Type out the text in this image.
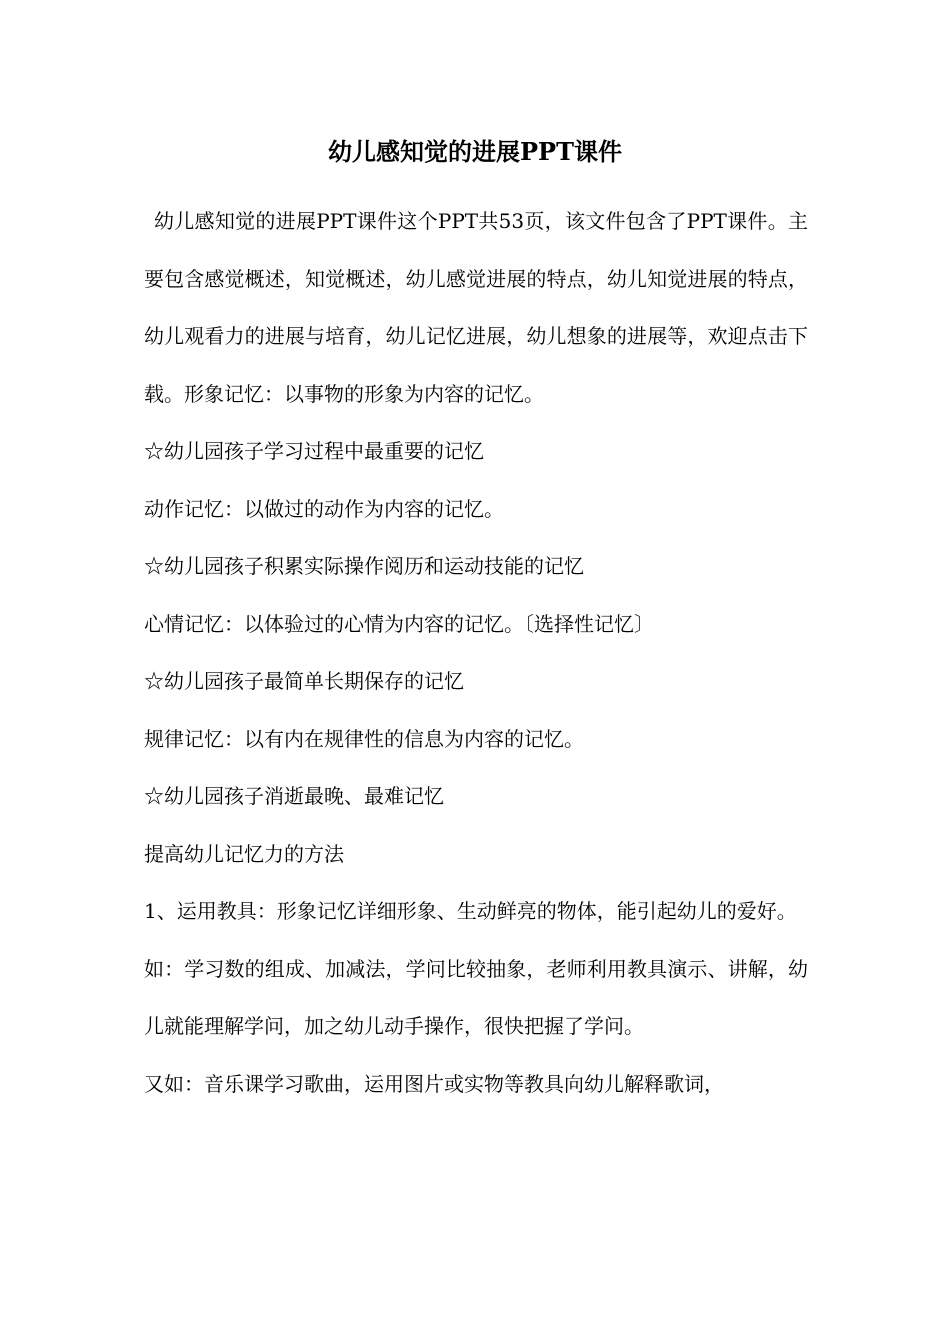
幼儿感知觉的进展PPT课件

幼儿感知觉的进展PPT课件这个PPT共53页，该文件包含了PPT课件。主要包含感觉概述，知觉概述，幼儿感觉进展的特点，幼儿知觉进展的特点，幼儿观看力的进展与培育，幼儿记忆进展，幼儿想象的进展等，欢迎点击下载。形象记忆：以事物的形象为内容的记忆。

☆幼儿园孩子学习过程中最重要的记忆

动作记忆：以做过的动作为内容的记忆。

☆幼儿园孩子积累实际操作阅历和运动技能的记忆

心情记忆：以体验过的心情为内容的记忆。〔选择性记忆〕

☆幼儿园孩子最简单长期保存的记忆

规律记忆：以有内在规律性的信息为内容的记忆。

☆幼儿园孩子消逝最晚、最难记忆

提高幼儿记忆力的方法

1、运用教具：形象记忆详细形象、生动鲜亮的物体，能引起幼儿的爱好。

如：学习数的组成、加减法，学问比较抽象，老师利用教具演示、讲解，幼儿就能理解学问，加之幼儿动手操作，很快把握了学问。

又如：音乐课学习歌曲，运用图片或实物等教具向幼儿解释歌词，
